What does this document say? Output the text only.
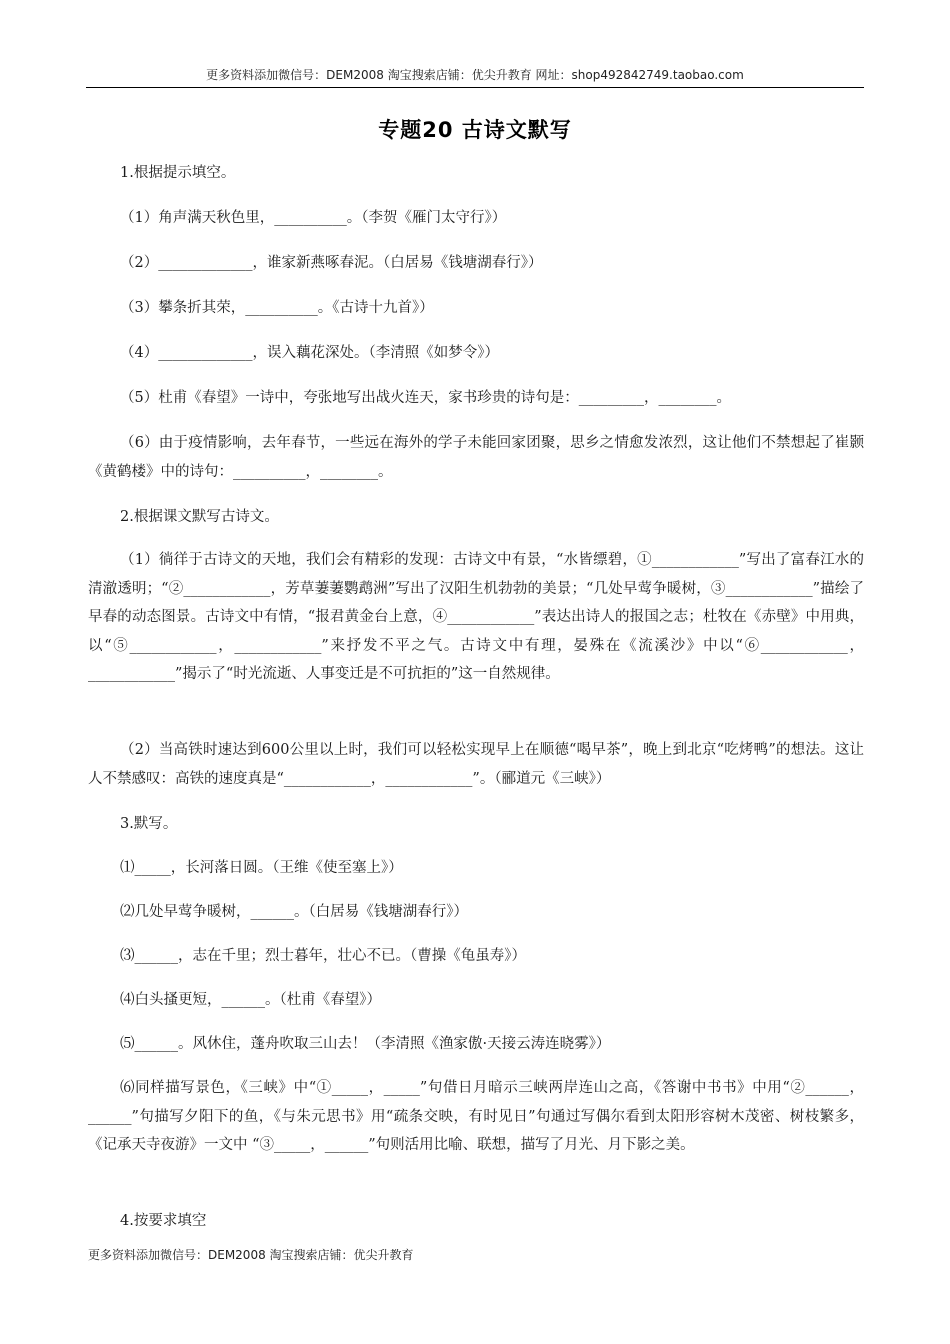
更多资料添加微信号：DEM2008 淘宝搜索店铺：优尖升教育 网址：shop492842749.taobao.com
专题20 古诗文默写
1.根据提示填空。
（1）角声满天秋色里，__________。（李贺《雁门太守行》）
（2）_____________，谁家新燕啄春泥。（白居易《钱塘湖春行》）
（3）攀条折其荣，__________。《古诗十九首》）
（4）_____________，误入藕花深处。（李清照《如梦令》）
（5）杜甫《春望》一诗中，夸张地写出战火连天，家书珍贵的诗句是：_________，________。
（6）由于疫情影响，去年春节，一些远在海外的学子未能回家团聚，思乡之情愈发浓烈，这让他们不禁想起了崔颢《黄鹤楼》中的诗句：__________，________。
2.根据课文默写古诗文。
（1）徜徉于古诗文的天地，我们会有精彩的发现：古诗文中有景，“水皆缥碧，①____________”写出了富春江水的清澈透明；“②____________，芳草萋萋鹦鹉洲”写出了汉阳生机勃勃的美景；“几处早莺争暖树，③____________”描绘了早春的动态图景。古诗文中有情，“报君黄金台上意，④____________”表达出诗人的报国之志；杜牧在《赤壁》中用典，以“⑤____________，____________”来抒发不平之气。古诗文中有理，晏殊在《流溪沙》中以“⑥____________，____________”揭示了“时光流逝、人事变迁是不可抗拒的”这一自然规律。
（2）当高铁时速达到600公里以上时，我们可以轻松实现早上在顺德“喝早茶”，晚上到北京“吃烤鸭”的想法。这让人不禁感叹：高铁的速度真是“____________，____________”。（郦道元《三峡》）
3.默写。
⑴_____，长河落日圆。（王维《使至塞上》）
⑵几处早莺争暖树，______。（白居易《钱塘湖春行》）
⑶______，志在千里；烈士暮年，壮心不已。（曹操《龟虽寿》）
⑷白头搔更短，______。（杜甫《春望》）
⑸______。风休住，蓬舟吹取三山去！（李清照《渔家傲·天接云涛连晓雾》）
⑹同样描写景色，《三峡》中“①_____，_____”句借日月暗示三峡两岸连山之高，《答谢中书书》中用“②______，______”句描写夕阳下的鱼，《与朱元思书》用“疏条交映，有时见日”句通过写偶尔看到太阳形容树木茂密、树枝繁多，《记承天寺夜游》一文中 “③_____，______”句则活用比喻、联想，描写了月光、月下影之美。
4.按要求填空
更多资料添加微信号：DEM2008 淘宝搜索店铺：优尖升教育
